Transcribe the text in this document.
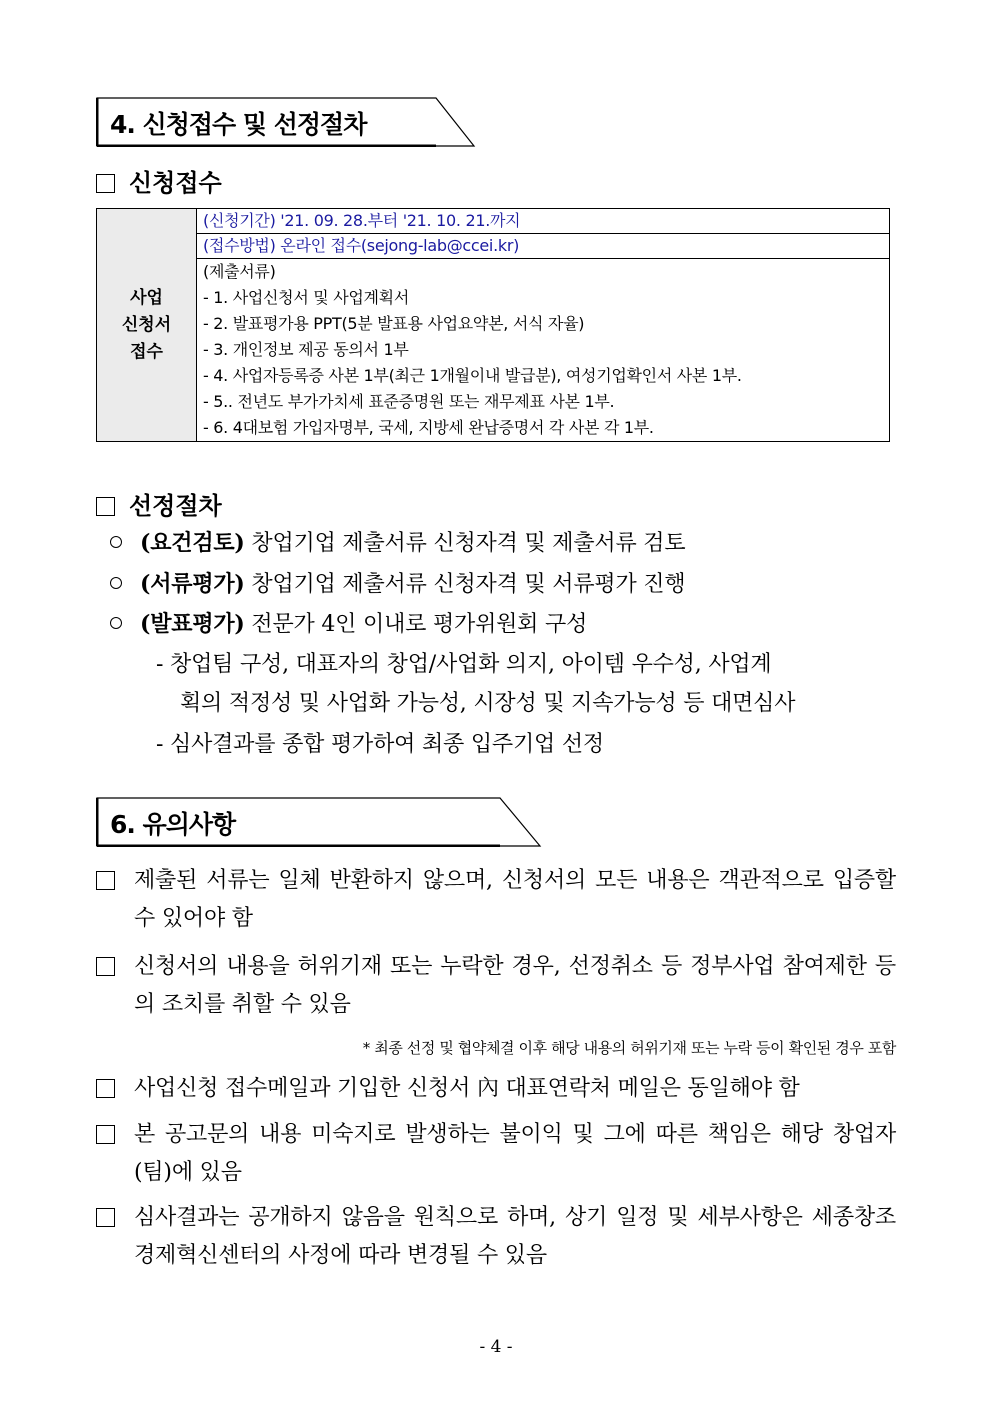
4. 신청접수 및 선정절차
신청접수
사업
신청서
접수
	(신청기간) '21. 09. 28.부터 '21. 10. 21.까지
(접수방법) 온라인 접수(sejong-lab@ccei.kr)

(제출서류)
- 1. 사업신청서 및 사업계획서
- 2. 발표평가용 PPT(5분 발표용 사업요약본, 서식 자율)
- 3. 개인정보 제공 동의서 1부
- 4. 사업자등록증 사본 1부(최근 1개월이내 발급분), 여성기업확인서 사본 1부.
- 5.. 전년도 부가가치세 표준증명원 또는 재무제표 사본 1부.
- 6. 4대보험 가입자명부, 국세, 지방세 완납증명서 각 사본 각 1부.
선정절차
(요건검토) 창업기업 제출서류 신청자격 및 제출서류 검토
(서류평가) 창업기업 제출서류 신청자격 및 서류평가 진행
(발표평가) 전문가 4인 이내로 평가위원회 구성
- 창업팀 구성, 대표자의 창업/사업화 의지, 아이템 우수성, 사업계
획의 적정성 및 사업화 가능성, 시장성 및 지속가능성 등 대면심사
- 심사결과를 종합 평가하여 최종 입주기업 선정
6. 유의사항
제출된 서류는 일체 반환하지 않으며, 신청서의 모든 내용은 객관적으로 입증할 수 있어야 함
신청서의 내용을 허위기재 또는 누락한 경우, 선정취소 등 정부사업 참여제한 등의 조치를 취할 수 있음
* 최종 선정 및 협약체결 이후 해당 내용의 허위기재 또는 누락 등이 확인된 경우 포함
사업신청 접수메일과 기입한 신청서 內 대표연락처 메일은 동일해야 함
본 공고문의 내용 미숙지로 발생하는 불이익 및 그에 따른 책임은 해당 창업자(팀)에 있음
심사결과는 공개하지 않음을 원칙으로 하며, 상기 일정 및 세부사항은 세종창조경제혁신센터의 사정에 따라 변경될 수 있음
- 4 -
